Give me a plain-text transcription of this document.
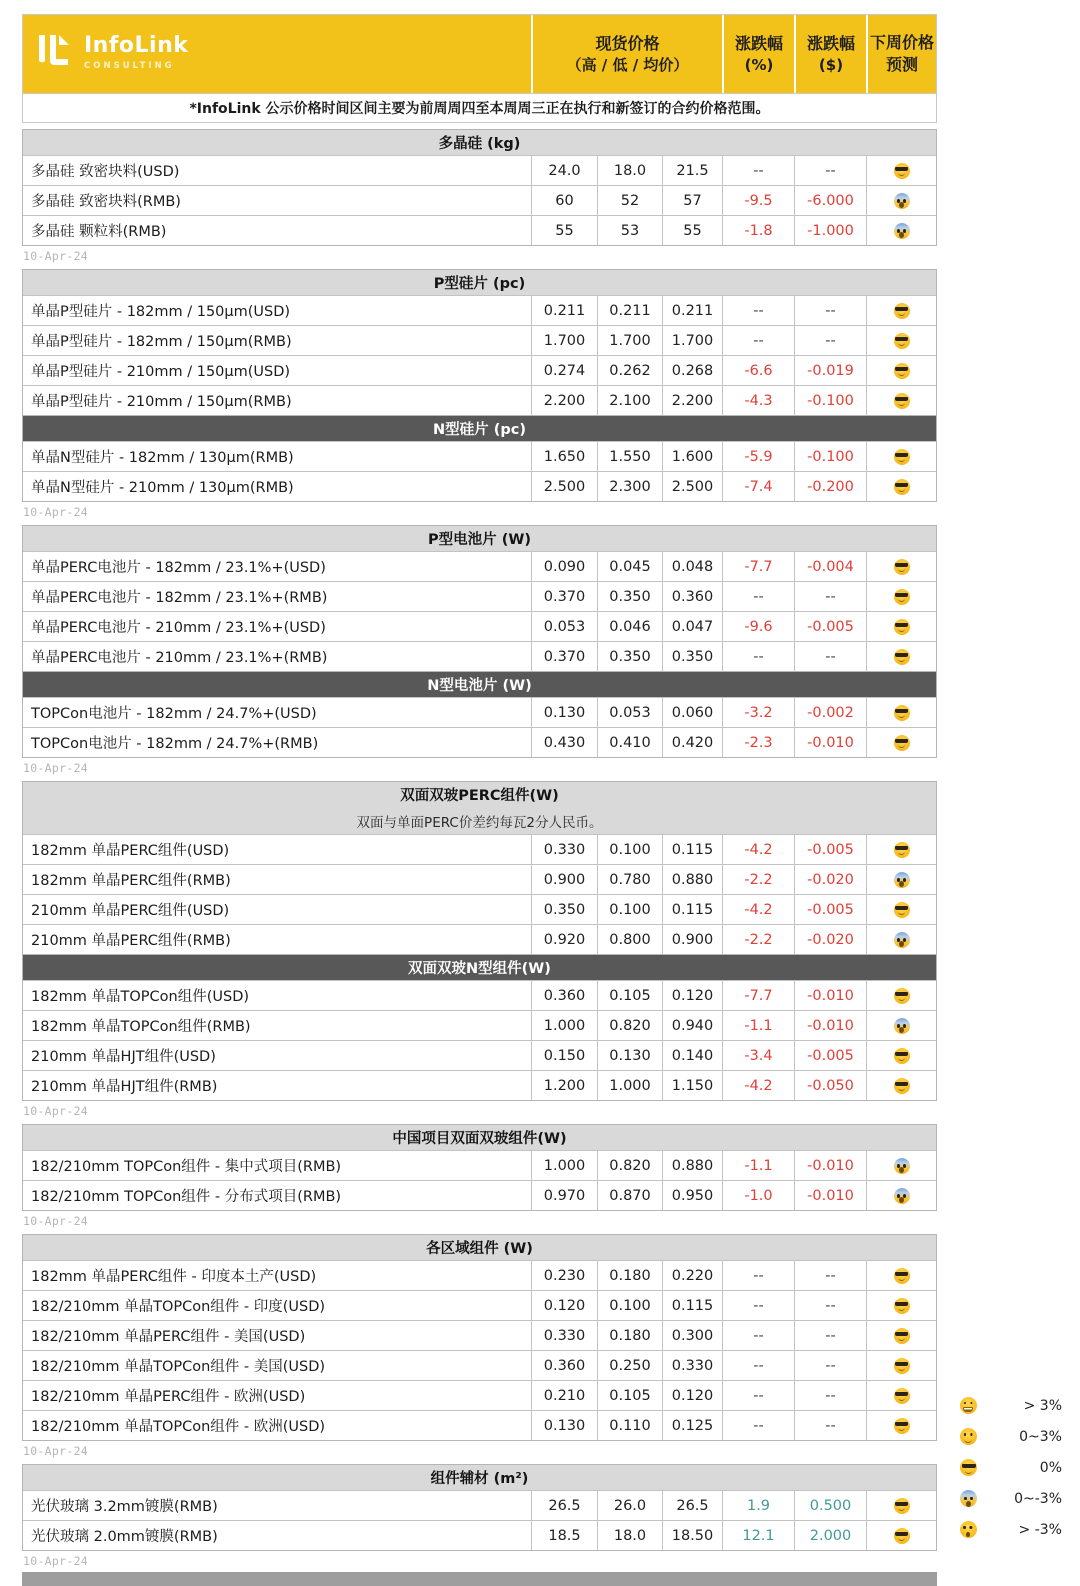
InfoLink
CONSULTING
现货价格
（高 / 低 / 均价）
涨跌幅
(%)
涨跌幅
($)
下周价格
预测
*InfoLink 公示价格时间区间主要为前周周四至本周周三正在执行和新签订的合约价格范围。
多晶硅 (kg)
多晶硅 致密块料(USD)	24.0	18.0	21.5	--	--
多晶硅 致密块料(RMB)	60	52	57	-9.5	-6.000
多晶硅 颗粒料(RMB)	55	53	55	-1.8	-1.000
10-Apr-24
P型硅片 (pc)
单晶P型硅片 - 182mm / 150μm(USD)	0.211	0.211	0.211	--	--
单晶P型硅片 - 182mm / 150μm(RMB)	1.700	1.700	1.700	--	--
单晶P型硅片 - 210mm / 150μm(USD)	0.274	0.262	0.268	-6.6	-0.019
单晶P型硅片 - 210mm / 150μm(RMB)	2.200	2.100	2.200	-4.3	-0.100
N型硅片 (pc)
单晶N型硅片 - 182mm / 130μm(RMB)	1.650	1.550	1.600	-5.9	-0.100
单晶N型硅片 - 210mm / 130μm(RMB)	2.500	2.300	2.500	-7.4	-0.200
10-Apr-24
P型电池片 (W)
单晶PERC电池片 - 182mm / 23.1%+(USD)	0.090	0.045	0.048	-7.7	-0.004
单晶PERC电池片 - 182mm / 23.1%+(RMB)	0.370	0.350	0.360	--	--
单晶PERC电池片 - 210mm / 23.1%+(USD)	0.053	0.046	0.047	-9.6	-0.005
单晶PERC电池片 - 210mm / 23.1%+(RMB)	0.370	0.350	0.350	--	--
N型电池片 (W)
TOPCon电池片 - 182mm / 24.7%+(USD)	0.130	0.053	0.060	-3.2	-0.002
TOPCon电池片 - 182mm / 24.7%+(RMB)	0.430	0.410	0.420	-2.3	-0.010
10-Apr-24
双面双玻PERC组件(W)
双面与单面PERC价差约每瓦2分人民币。
182mm 单晶PERC组件(USD)	0.330	0.100	0.115	-4.2	-0.005
182mm 单晶PERC组件(RMB)	0.900	0.780	0.880	-2.2	-0.020
210mm 单晶PERC组件(USD)	0.350	0.100	0.115	-4.2	-0.005
210mm 单晶PERC组件(RMB)	0.920	0.800	0.900	-2.2	-0.020
双面双玻N型组件(W)
182mm 单晶TOPCon组件(USD)	0.360	0.105	0.120	-7.7	-0.010
182mm 单晶TOPCon组件(RMB)	1.000	0.820	0.940	-1.1	-0.010
210mm 单晶HJT组件(USD)	0.150	0.130	0.140	-3.4	-0.005
210mm 单晶HJT组件(RMB)	1.200	1.000	1.150	-4.2	-0.050
10-Apr-24
中国项目双面双玻组件(W)
182/210mm TOPCon组件 - 集中式项目(RMB)	1.000	0.820	0.880	-1.1	-0.010
182/210mm TOPCon组件 - 分布式项目(RMB)	0.970	0.870	0.950	-1.0	-0.010
10-Apr-24
各区域组件 (W)
182mm 单晶PERC组件 - 印度本土产(USD)	0.230	0.180	0.220	--	--
182/210mm 单晶TOPCon组件 - 印度(USD)	0.120	0.100	0.115	--	--
182/210mm 单晶PERC组件 - 美国(USD)	0.330	0.180	0.300	--	--
182/210mm 单晶TOPCon组件 - 美国(USD)	0.360	0.250	0.330	--	--
182/210mm 单晶PERC组件 - 欧洲(USD)	0.210	0.105	0.120	--	--
182/210mm 单晶TOPCon组件 - 欧洲(USD)	0.130	0.110	0.125	--	--
10-Apr-24
组件辅材 (m²)
光伏玻璃 3.2mm镀膜(RMB)	26.5	26.0	26.5	1.9	0.500
光伏玻璃 2.0mm镀膜(RMB)	18.5	18.0	18.50	12.1	2.000
10-Apr-24
> 3%
0~3%
0%
0~-3%
> -3%
